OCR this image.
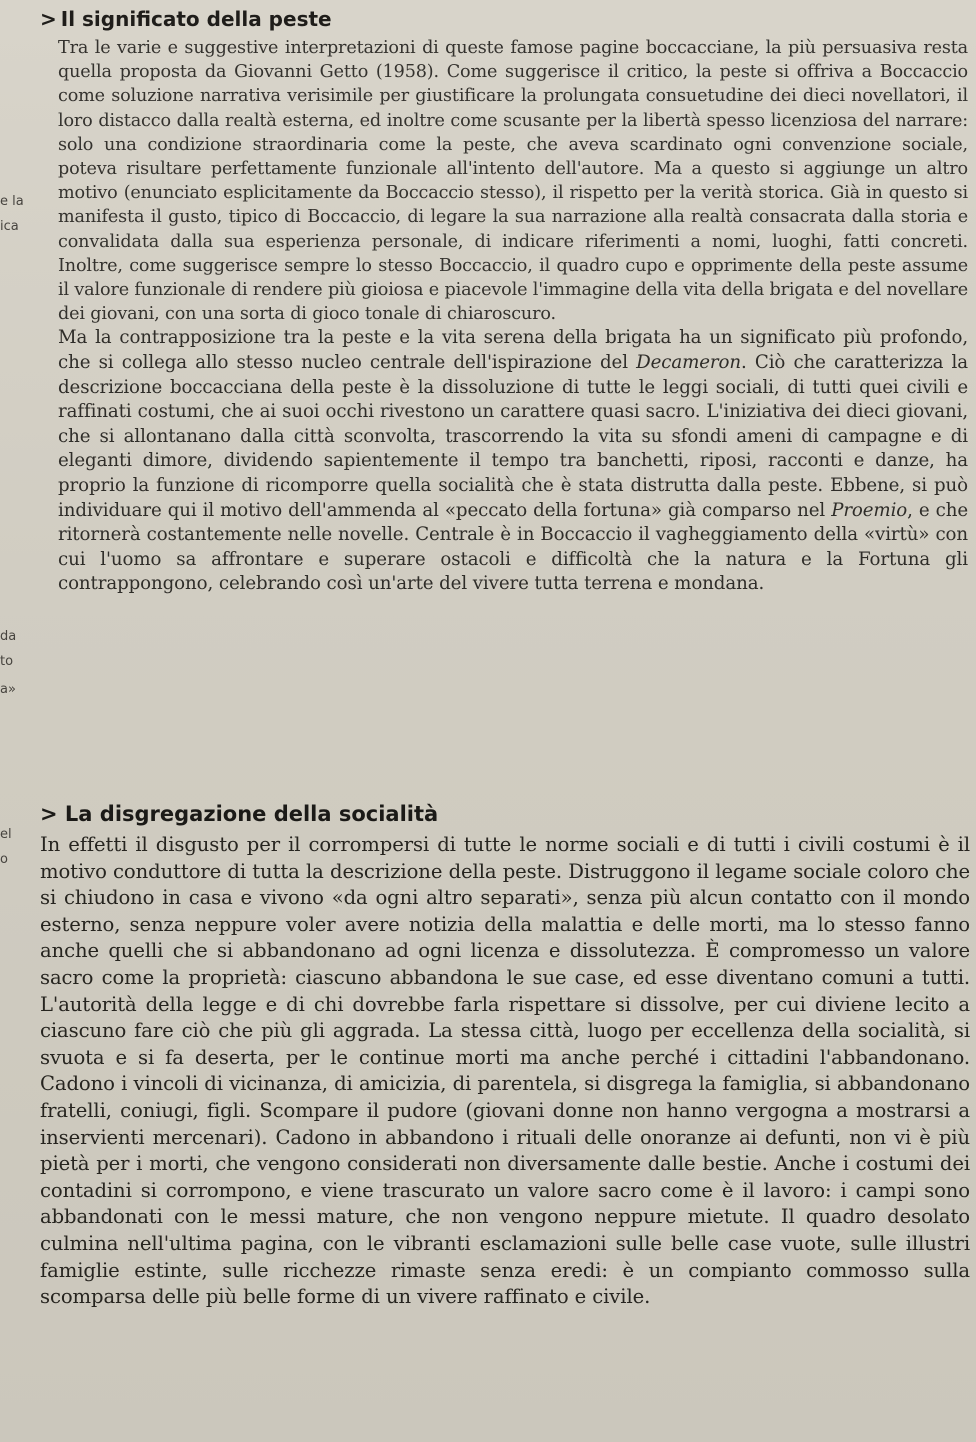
e la
ica
da
to
a»
el
o
> Il significato della peste

Tra le varie e suggestive interpretazioni di queste famose pagine boccacciane, la più persuasiva resta quella proposta da Giovanni Getto (1958). Come suggerisce il critico, la peste si offriva a Boccaccio come soluzione narrativa verisimile per giustificare la prolungata consuetudine dei dieci novellatori, il loro distacco dalla realtà esterna, ed inoltre come scusante per la libertà spesso licenziosa del narrare: solo una condizione straordinaria come la peste, che aveva scardinato ogni convenzione sociale, poteva risultare perfettamente funzionale all'intento dell'autore. Ma a questo si aggiunge un altro motivo (enunciato esplicitamente da Boccaccio stesso), il rispetto per la verità storica. Già in questo si manifesta il gusto, tipico di Boccaccio, di legare la sua narrazione alla realtà consacrata dalla storia e convalidata dalla sua esperienza personale, di indicare riferimenti a nomi, luoghi, fatti concreti. Inoltre, come suggerisce sempre lo stesso Boccaccio, il quadro cupo e opprimente della peste assume il valore funzionale di rendere più gioiosa e piacevole l'immagine della vita della brigata e del novellare dei giovani, con una sorta di gioco tonale di chiaroscuro.

Ma la contrapposizione tra la peste e la vita serena della brigata ha un significato più profondo, che si collega allo stesso nucleo centrale dell'ispirazione del Decameron. Ciò che caratterizza la descrizione boccacciana della peste è la dissoluzione di tutte le leggi sociali, di tutti quei civili e raffinati costumi, che ai suoi occhi rivestono un carattere quasi sacro. L'iniziativa dei dieci giovani, che si allontanano dalla città sconvolta, trascorrendo la vita su sfondi ameni di campagne e di eleganti dimore, dividendo sapientemente il tempo tra banchetti, riposi, racconti e danze, ha proprio la funzione di ricomporre quella socialità che è stata distrutta dalla peste. Ebbene, si può individuare qui il motivo dell'ammenda al «peccato della fortuna» già comparso nel Proemio, e che ritornerà costantemente nelle novelle. Centrale è in Boccaccio il vagheggiamento della «virtù» con cui l'uomo sa affrontare e superare ostacoli e difficoltà che la natura e la Fortuna gli contrappongono, celebrando così un'arte del vivere tutta terrena e mondana.

> La disgregazione della socialità

In effetti il disgusto per il corrompersi di tutte le norme sociali e di tutti i civili costumi è il motivo conduttore di tutta la descrizione della peste. Distruggono il legame sociale coloro che si chiudono in casa e vivono «da ogni altro separati», senza più alcun contatto con il mondo esterno, senza neppure voler avere notizia della malattia e delle morti, ma lo stesso fanno anche quelli che si abbandonano ad ogni licenza e dissolutezza. È compromesso un valore sacro come la proprietà: ciascuno abbandona le sue case, ed esse diventano comuni a tutti. L'autorità della legge e di chi dovrebbe farla rispettare si dissolve, per cui diviene lecito a ciascuno fare ciò che più gli aggrada. La stessa città, luogo per eccellenza della socialità, si svuota e si fa deserta, per le continue morti ma anche perché i cittadini l'abbandonano. Cadono i vincoli di vicinanza, di amicizia, di parentela, si disgrega la famiglia, si abbandonano fratelli, coniugi, figli. Scompare il pudore (giovani donne non hanno vergogna a mostrarsi a inservienti mercenari). Cadono in abbandono i rituali delle onoranze ai defunti, non vi è più pietà per i morti, che vengono considerati non diversamente dalle bestie. Anche i costumi dei contadini si corrompono, e viene trascurato un valore sacro come è il lavoro: i campi sono abbandonati con le messi mature, che non vengono neppure mietute. Il quadro desolato culmina nell'ultima pagina, con le vibranti esclamazioni sulle belle case vuote, sulle illustri famiglie estinte, sulle ricchezze rimaste senza eredi: è un compianto commosso sulla scomparsa delle più belle forme di un vivere raffinato e civile.
